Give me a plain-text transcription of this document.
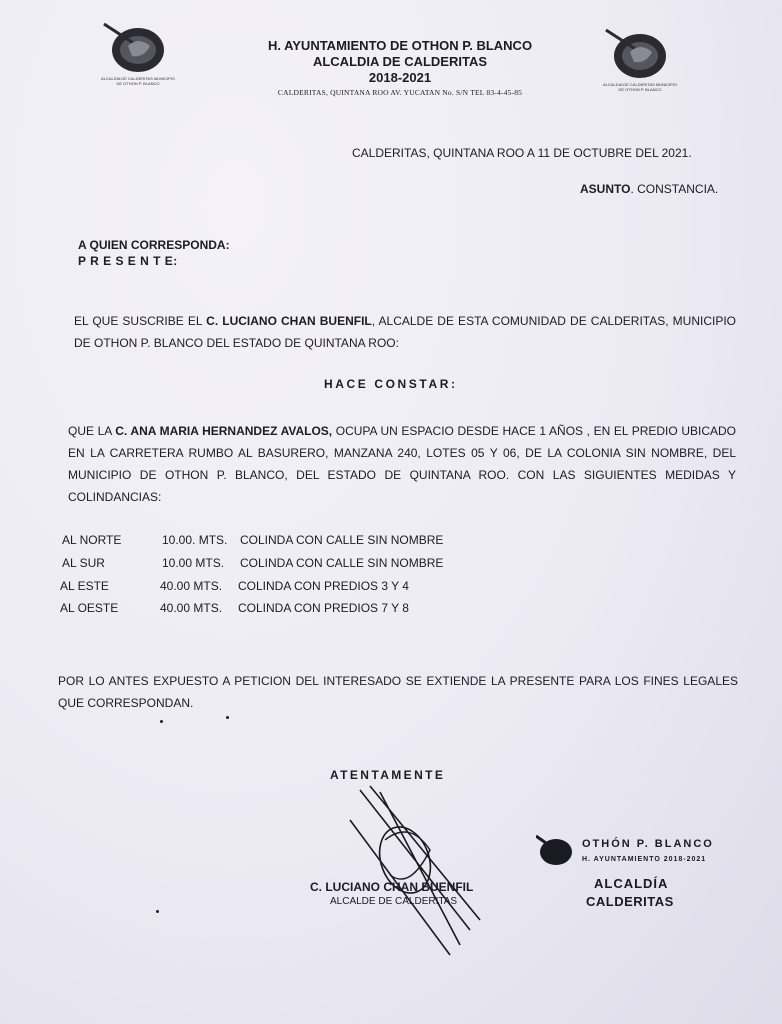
ALCALDIA DE CALDERITAS MUNICIPIO DE OTHON P. BLANCO	ALCALDIA DE CALDERITAS MUNICIPIO DE OTHON P. BLANCO
H. AYUNTAMIENTO DE OTHON P. BLANCO
ALCALDIA DE CALDERITAS
2018-2021
CALDERITAS, QUINTANA ROO AV. YUCATAN No. S/N TEL 83-4-45-85
CALDERITAS, QUINTANA ROO A 11 DE OCTUBRE DEL 2021.
ASUNTO. CONSTANCIA.
A QUIEN CORRESPONDA:
P R E S E N T E:
EL QUE SUSCRIBE EL C. LUCIANO CHAN BUENFIL, ALCALDE DE ESTA COMUNIDAD DE CALDERITAS, MUNICIPIO DE OTHON P. BLANCO DEL ESTADO DE QUINTANA ROO:
HACE CONSTAR:
QUE LA C. ANA MARIA HERNANDEZ AVALOS, OCUPA UN ESPACIO DESDE HACE 1 AÑOS , EN EL PREDIO UBICADO EN LA CARRETERA RUMBO AL BASURERO, MANZANA 240, LOTES 05 Y 06, DE LA COLONIA SIN NOMBRE, DEL MUNICIPIO DE OTHON P. BLANCO, DEL ESTADO DE QUINTANA ROO. CON LAS SIGUIENTES MEDIDAS Y COLINDANCIAS:
AL NORTE	10.00. MTS. COLINDA CON CALLE SIN NOMBRE
AL SUR	10.00 MTS. COLINDA CON CALLE SIN NOMBRE
AL ESTE	40.00 MTS. COLINDA CON PREDIOS 3 Y 4
AL OESTE	40.00 MTS. COLINDA CON PREDIOS 7 Y 8
POR LO ANTES EXPUESTO A PETICION DEL INTERESADO SE EXTIENDE LA PRESENTE PARA LOS FINES LEGALES QUE CORRESPONDAN.
ATENTAMENTE
C. LUCIANO CHAN BUENFIL
ALCALDE DE CALDERITAS
OTHÓN P. BLANCO
H. AYUNTAMIENTO 2018-2021
ALCALDÍA
CALDERITAS
